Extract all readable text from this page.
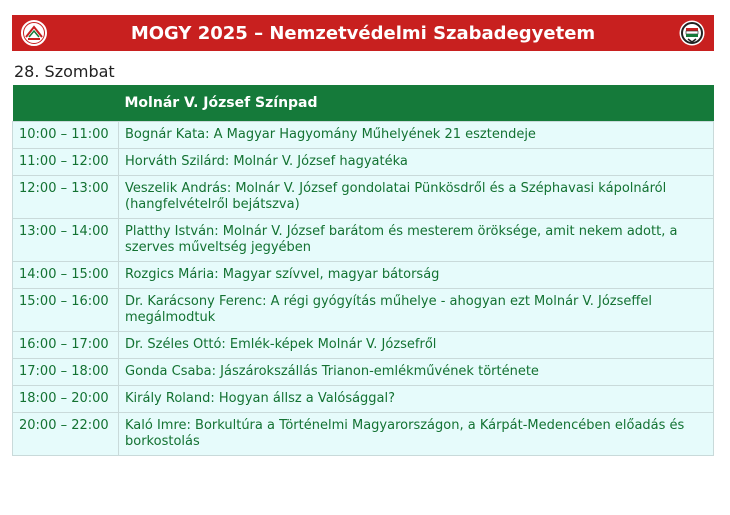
MOGY 2025 – Nemzetvédelmi Szabadegyetem
28. Szombat
	Molnár V. József Színpad
10:00 – 11:00	Bognár Kata: A Magyar Hagyomány Műhelyének 21 esztendeje
11:00 – 12:00	Horváth Szilárd: Molnár V. József hagyatéka
12:00 – 13:00	Veszelik András: Molnár V. József gondolatai Pünkösdről és a Széphavasi kápolnáról (hangfelvételről bejátszva)
13:00 – 14:00	Platthy István: Molnár V. József barátom és mesterem öröksége, amit nekem adott, a szerves műveltség jegyében
14:00 – 15:00	Rozgics Mária: Magyar szívvel, magyar bátorság
15:00 – 16:00	Dr. Karácsony Ferenc: A régi gyógyítás műhelye - ahogyan ezt Molnár V. Józseffel megálmodtuk
16:00 – 17:00	Dr. Széles Ottó: Emlék-képek Molnár V. Józsefről
17:00 – 18:00	Gonda Csaba: Jászárokszállás Trianon-emlékművének története
18:00 – 20:00	Király Roland: Hogyan állsz a Valósággal?
20:00 – 22:00	Kaló Imre: Borkultúra a Történelmi Magyarországon, a Kárpát-Medencében előadás és borkostolás
